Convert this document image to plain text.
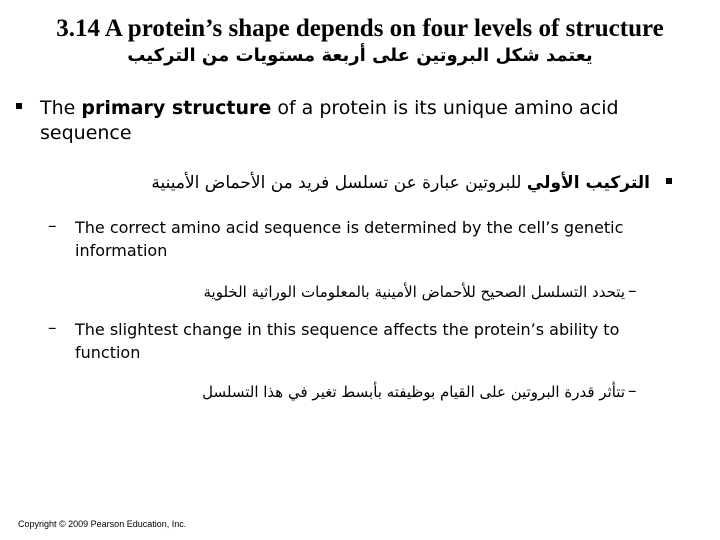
3.14 A protein’s shape depends on four levels of structure
يعتمد شكل البروتين على أربعة مستويات من التركيب
The primary structure of a protein is its unique amino acid sequence
التركيب الأولي للبروتين عبارة عن تسلسل فريد من الأحماض الأمينية
– The correct amino acid sequence is determined by the cell’s genetic information
–
يتحدد التسلسل الصحيح للأحماض الأمينية بالمعلومات الوراثية الخلوية
– The slightest change in this sequence affects the protein’s ability to function
–
تتأثر قدرة البروتين على القيام بوظيفته بأبسط تغير في هذا التسلسل
Copyright © 2009 Pearson Education, Inc.
